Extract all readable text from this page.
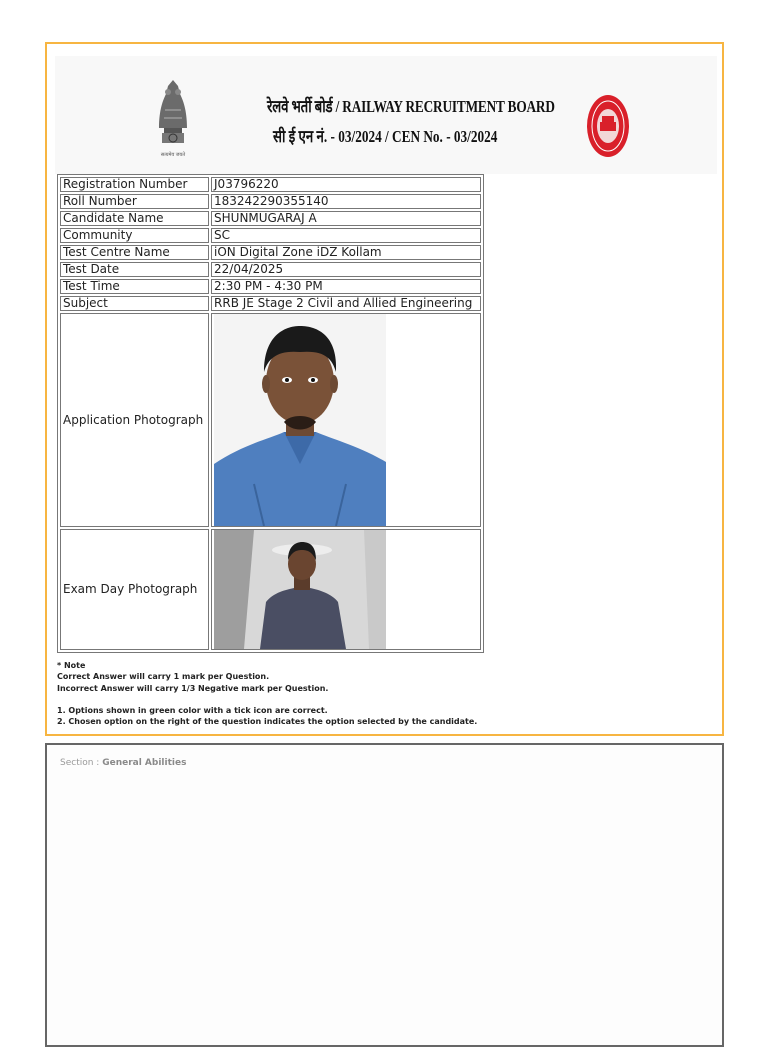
सत्यमेव जयते
रेलवे भर्ती बोर्ड / RAILWAY RECRUITMENT BOARD
सी ई एन नं. - 03/2024 / CEN No. - 03/2024
Registration Number	J03796220
Roll Number	183242290355140
Candidate Name	SHUNMUGARAJ A
Community	SC
Test Centre Name	iON Digital Zone iDZ Kollam
Test Date	22/04/2025
Test Time	2:30 PM - 4:30 PM
Subject	RRB JE Stage 2 Civil and Allied Engineering
Application Photograph	

Exam Day Photograph	
* Note
Correct Answer will carry 1 mark per Question.
Incorrect Answer will carry 1/3 Negative mark per Question.
1. Options shown in green color with a tick icon are correct.
2. Chosen option on the right of the question indicates the option selected by the candidate.
Section : General Abilities
